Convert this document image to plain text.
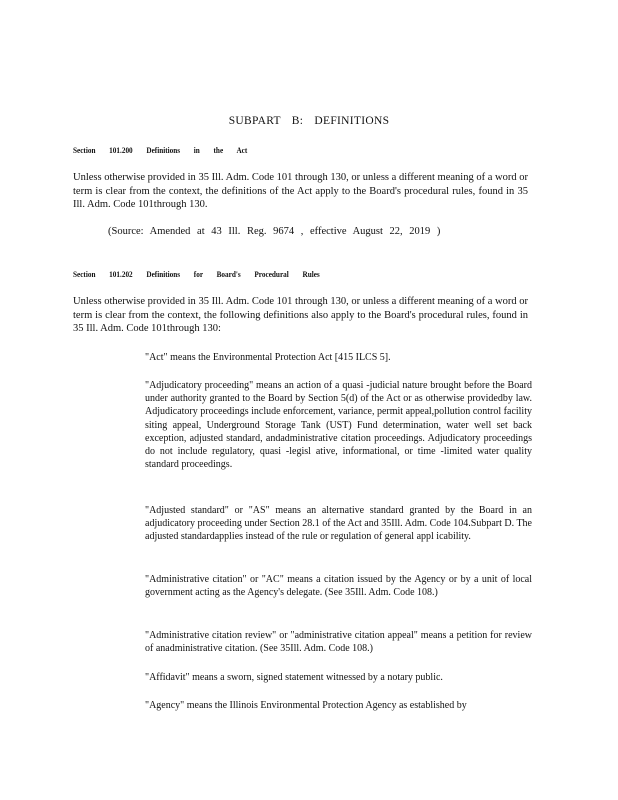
SUBPART B: DEFINITIONS
Section 101.200 Definitions in the Act
Unless otherwise provided in 35 Ill. Adm. Code 101 through 130, or unless a different meaning of a word or term is clear from the context, the definitions of the Act apply to the Board's procedural rules, found in 35 Ill. Adm. Code 101through 130.
(Source: Amended at 43 Ill. Reg. 9674 , effective August 22, 2019 )
Section 101.202 Definitions for Board's Procedural Rules
Unless otherwise provided in 35 Ill. Adm. Code 101 through 130, or unless a different meaning of a word or term is clear from the context, the following definitions also apply to the Board's procedural rules, found in 35 Ill. Adm. Code 101through 130:
"Act" means the Environmental Protection Act [415 ILCS 5].
"Adjudicatory proceeding" means an action of a quasi -judicial nature brought before the Board under authority granted to the Board by Section 5(d) of the Act or as otherwise providedby law. Adjudicatory proceedings include enforcement, variance, permit appeal,pollution control facility siting appeal, Underground Storage Tank (UST) Fund determination, water well set back exception, adjusted standard, andadministrative citation proceedings. Adjudicatory proceedings do not include regulatory, quasi -legisl ative, informational, or time -limited water quality standard proceedings.
"Adjusted standard" or "AS" means an alternative standard granted by the Board in an adjudicatory proceeding under Section 28.1 of the Act and 35Ill. Adm. Code 104.Subpart D. The adjusted standardapplies instead of the rule or regulation of general appl icability.
"Administrative citation" or "AC" means a citation issued by the Agency or by a unit of local government acting as the Agency's delegate. (See 35Ill. Adm. Code 108.)
"Administrative citation review" or "administrative citation appeal" means a petition for review of anadministrative citation. (See 35Ill. Adm. Code 108.)
"Affidavit" means a sworn, signed statement witnessed by a notary public.
"Agency" means the Illinois Environmental Protection Agency as established by
